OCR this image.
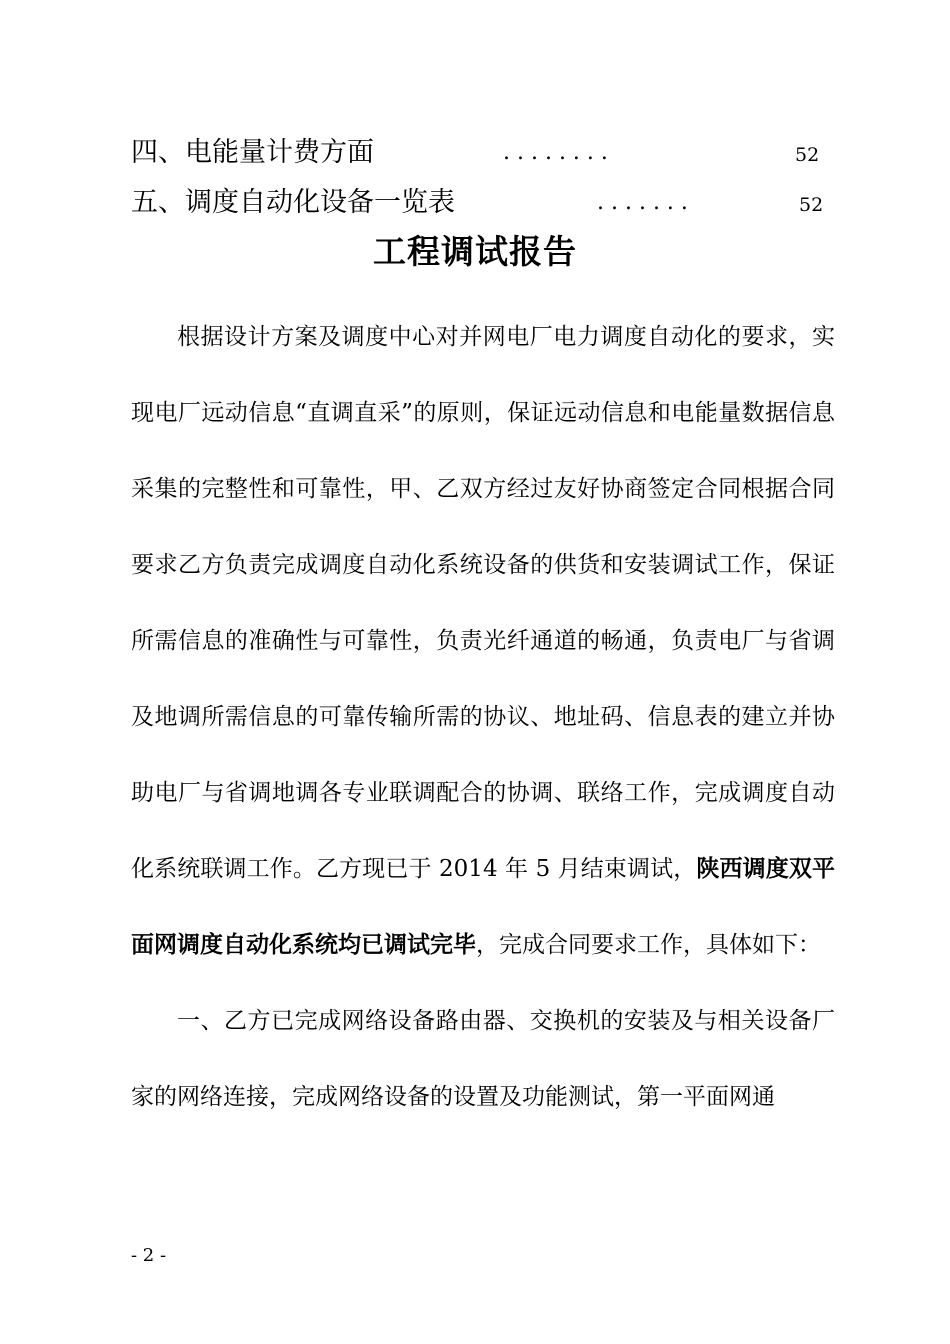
四、电能量计费方面	. . . . . . . .	52
五、调度自动化设备一览表	. . . . . . .	52
工程调试报告

根据设计方案及调度中心对并网电厂电力调度自动化的要求，实现电厂远动信息“直调直采”的原则，保证远动信息和电能量数据信息采集的完整性和可靠性，甲、乙双方经过友好协商签定合同根据合同要求乙方负责完成调度自动化系统设备的供货和安装调试工作，保证所需信息的准确性与可靠性，负责光纤通道的畅通，负责电厂与省调及地调所需信息的可靠传输所需的协议、地址码、信息表的建立并协助电厂与省调地调各专业联调配合的协调、联络工作，完成调度自动化系统联调工作。乙方现已于 2014 年 5 月结束调试，陕西调度双平面网调度自动化系统均已调试完毕，完成合同要求工作，具体如下：

一、乙方已完成网络设备路由器、交换机的安装及与相关设备厂家的网络连接，完成网络设备的设置及功能测试，第一平面网通

- 2 -
